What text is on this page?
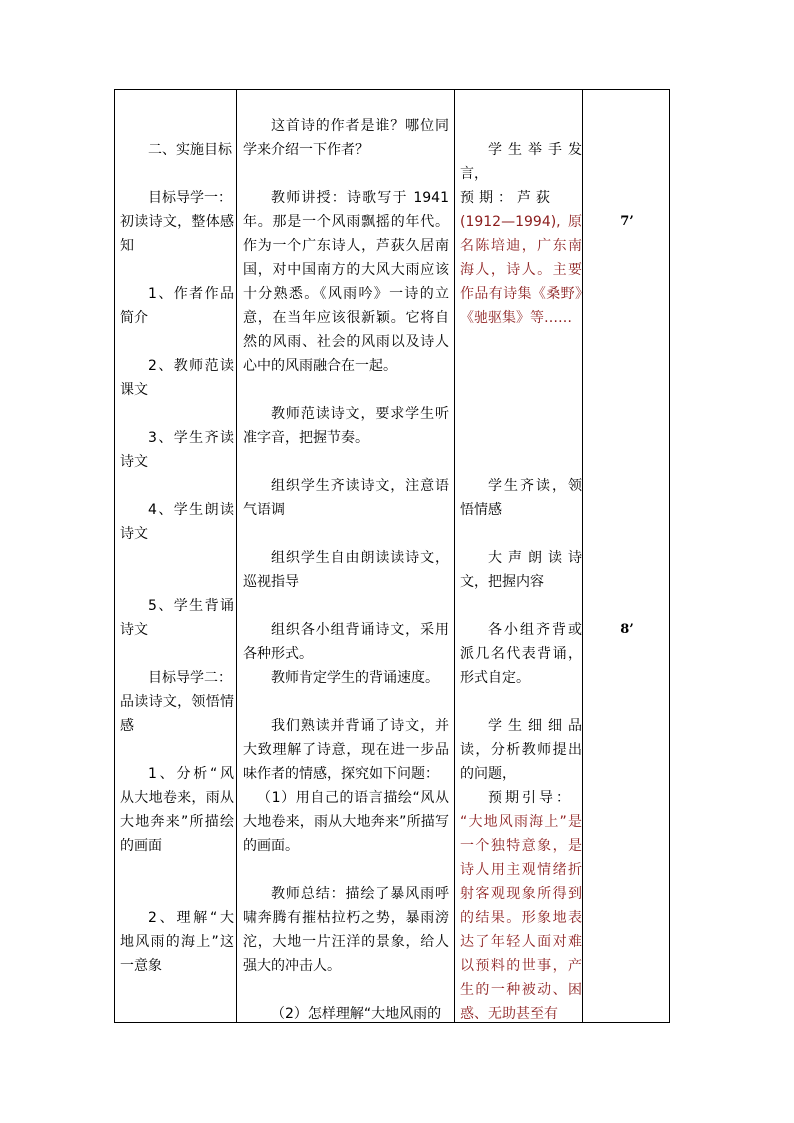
二、实施目标

目标导学一：

初读诗文，整体感知

1、作者作品简介

2、教师范读课文

3、学生齐读诗文

4、学生朗读诗文

5、学生背诵诗文

目标导学二：

品读诗文，领悟情感

1、分析“风从大地卷来，雨从大地奔来”所描绘的画面

2、理解“大地风雨的海上”这一意象

这首诗的作者是谁？哪位同学来介绍一下作者？

教师讲授：诗歌写于 1941 年。那是一个风雨飘摇的年代。作为一个广东诗人，芦荻久居南国，对中国南方的大风大雨应该十分熟悉。《风雨吟》一诗的立意，在当年应该很新颖。它将自然的风雨、社会的风雨以及诗人心中的风雨融合在一起。

教师范读诗文，要求学生听准字音，把握节奏。

组织学生齐读诗文，注意语气语调

组织学生自由朗读读诗文，巡视指导

组织各小组背诵诗文，采用各种形式。

教师肯定学生的背诵速度。

我们熟读并背诵了诗文，并大致理解了诗意，现在进一步品味作者的情感，探究如下问题：

（1）用自己的语言描绘“风从大地卷来，雨从大地奔来”所描写的画面。

教师总结：描绘了暴风雨呼啸奔腾有摧枯拉朽之势，暴雨滂沱，大地一片汪洋的景象，给人强大的冲击人。

（2）怎样理解“大地风雨的

学生举手发言，

预期：芦荻

(1912—1994),原名陈培迪，广东南海人，诗人。主要作品有诗集《桑野》《驰驱集》等……

学生齐读，领悟情感

大声朗读诗文，把握内容

各小组齐背或派几名代表背诵，形式自定。

学生细细品读，分析教师提出的问题，

预期引导：

“大地风雨海上”是一个独特意象，是诗人用主观情绪折射客观现象所得到的结果。形象地表达了年轻人面对难以预料的世事，产生的一种被动、困惑、无助甚至有

7’
8’
